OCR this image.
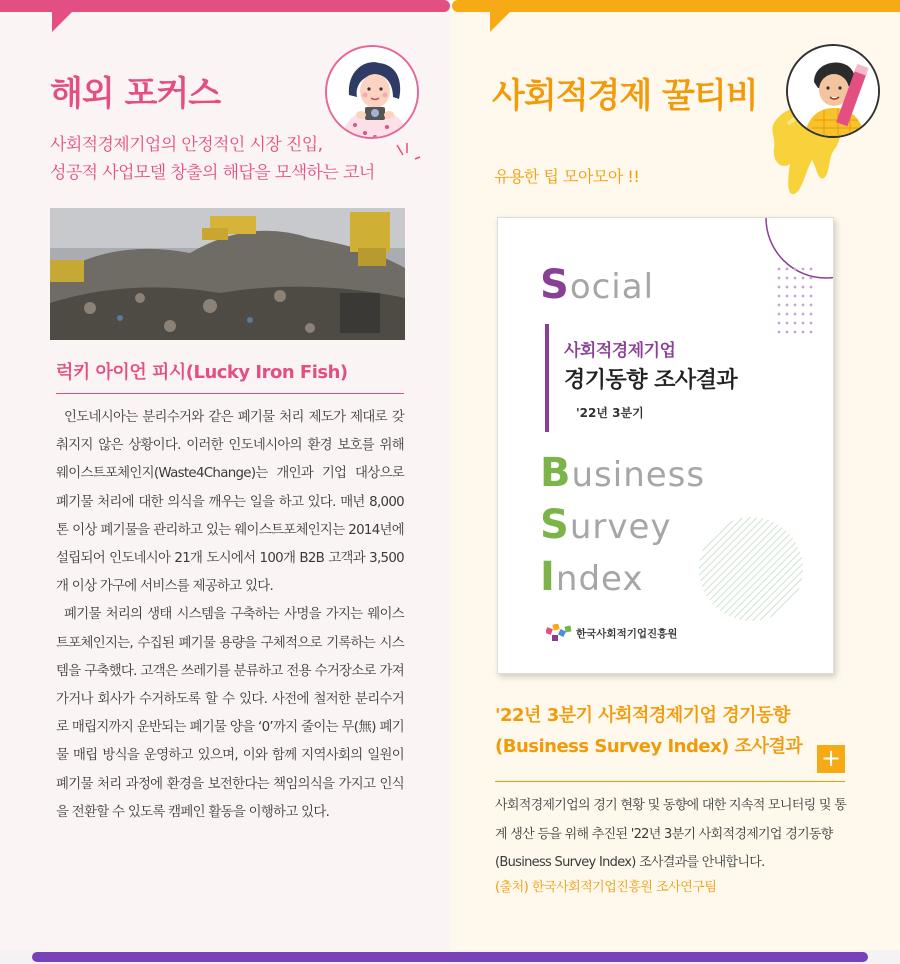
해외 포커스
사회적경제기업의 안정적인 시장 진입,
성공적 사업모델 창출의 해답을 모색하는 코너
럭키 아이언 피시(Lucky Iron Fish)

인도네시아는 분리수거와 같은 폐기물 처리 제도가 제대로 갖춰지지 않은 상황이다. 이러한 인도네시아의 환경 보호를 위해 웨이스트포체인지(Waste4Change)는 개인과 기업 대상으로 폐기물 처리에 대한 의식을 깨우는 일을 하고 있다. 매년 8,000톤 이상 폐기물을 관리하고 있는 웨이스트포체인지는 2014년에 설립되어 인도네시아 21개 도시에서 100개 B2B 고객과 3,500개 이상 가구에 서비스를 제공하고 있다.

폐기물 처리의 생태 시스템을 구축하는 사명을 가지는 웨이스트포체인지는, 수집된 폐기물 용량을 구체적으로 기록하는 시스템을 구축했다. 고객은 쓰레기를 분류하고 전용 수거장소로 가져가거나 회사가 수거하도록 할 수 있다. 사전에 철저한 분리수거로 매립지까지 운반되는 폐기물 양을 ‘0’까지 줄이는 무(無) 폐기물 매립 방식을 운영하고 있으며, 이와 함께 지역사회의 일원이 폐기물 처리 과정에 환경을 보전한다는 책임의식을 가지고 인식을 전환할 수 있도록 캠페인 활동을 이행하고 있다.

사회적경제 꿀티비
유용한 팁 모아모아 !!
Social
사회적경제기업
경기동향 조사결과
'22년 3분기
Business
Survey
Index
한국사회적기업진흥원
'22년 3분기 사회적경제기업 경기동향
(Business Survey Index) 조사결과 +
사회적경제기업의 경기 현황 및 동향에 대한 지속적 모니터링 및 통계 생산 등을 위해 추진된 '22년 3분기 사회적경제기업 경기동향(Business Survey Index) 조사결과를 안내합니다.
(출처) 한국사회적기업진흥원 조사연구팀
